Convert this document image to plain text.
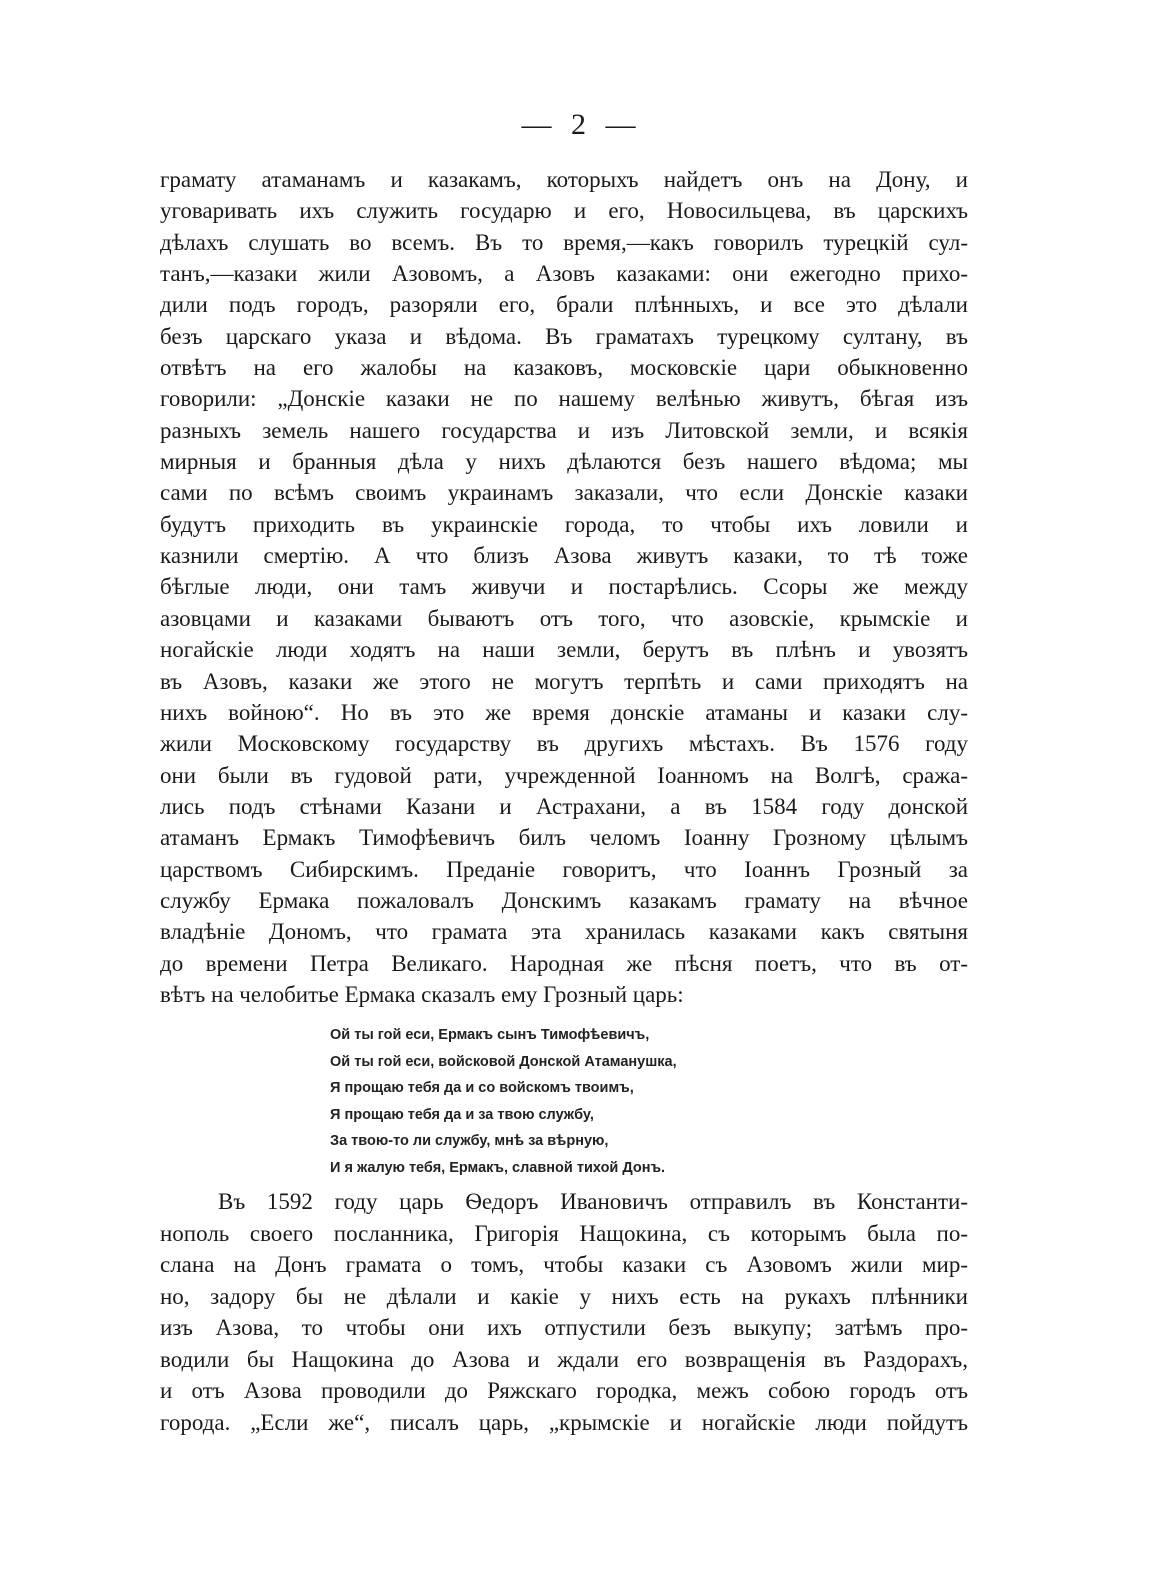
— 2 —
грамату атаманамъ и казакамъ, которыхъ найдетъ онъ на Дону, и
уговаривать ихъ служить государю и его, Новосильцева, въ царскихъ
дѣлахъ слушать во всемъ. Въ то время,—какъ говорилъ турецкій сул-
танъ,—казаки жили Азовомъ, а Азовъ казаками: они ежегодно прихо-
дили подъ городъ, разоряли его, брали плѣнныхъ, и все это дѣлали
безъ царскаго указа и вѣдома. Въ граматахъ турецкому султану, въ
отвѣтъ на его жалобы на казаковъ, московскіе цари обыкновенно
говорили: „Донскіе казаки не по нашему велѣнью живутъ, бѣгая изъ
разныхъ земель нашего государства и изъ Литовской земли, и всякія
мирныя и бранныя дѣла у нихъ дѣлаются безъ нашего вѣдома; мы
сами по всѣмъ своимъ украинамъ заказали, что если Донскіе казаки
будутъ приходить въ украинскіе города, то чтобы ихъ ловили и
казнили смертію. А что близъ Азова живутъ казаки, то тѣ тоже
бѣглые люди, они тамъ живучи и постарѣлись. Ссоры же между
азовцами и казаками бываютъ отъ того, что азовскіе, крымскіе и
ногайскіе люди ходятъ на наши земли, берутъ въ плѣнъ и увозятъ
въ Азовъ, казаки же этого не могутъ терпѣть и сами приходятъ на
нихъ войною“. Но въ это же время донскіе атаманы и казаки слу-
жили Московскому государству въ другихъ мѣстахъ. Въ 1576 году
они были въ гудовой рати, учрежденной Іоанномъ на Волгѣ, сража-
лись подъ стѣнами Казани и Астрахани, а въ 1584 году донской
атаманъ Ермакъ Тимофѣевичъ билъ челомъ Іоанну Грозному цѣлымъ
царствомъ Сибирскимъ. Преданіе говоритъ, что Іоаннъ Грозный за
службу Ермака пожаловалъ Донскимъ казакамъ грамату на вѣчное
владѣніе Дономъ, что грамата эта хранилась казаками какъ святыня
до времени Петра Великаго. Народная же пѣсня поетъ, что въ от-
вѣтъ на челобитье Ермака сказалъ ему Грозный царь:
Ой ты гой еси, Ермакъ сынъ Тимофѣевичъ,
Ой ты гой еси, войсковой Донской Атаманушка,
Я прощаю тебя да и со войскомъ твоимъ,
Я прощаю тебя да и за твою службу,
За твою-то ли службу, мнѣ за вѣрную,
И я жалую тебя, Ермакъ, славной тихой Донъ.
Въ 1592 году царь Ѳедоръ Ивановичъ отправилъ въ Константи-
нополь своего посланника, Григорія Нащокина, съ которымъ была по-
слана на Донъ грамата о томъ, чтобы казаки съ Азовомъ жили мир-
но, задору бы не дѣлали и какіе у нихъ есть на рукахъ плѣнники
изъ Азова, то чтобы они ихъ отпустили безъ выкупу; затѣмъ про-
водили бы Нащокина до Азова и ждали его возвращенія въ Раздорахъ,
и отъ Азова проводили до Ряжскаго городка, межъ собою городъ отъ
города. „Если же“, писалъ царь, „крымскіе и ногайскіе люди пойдутъ
